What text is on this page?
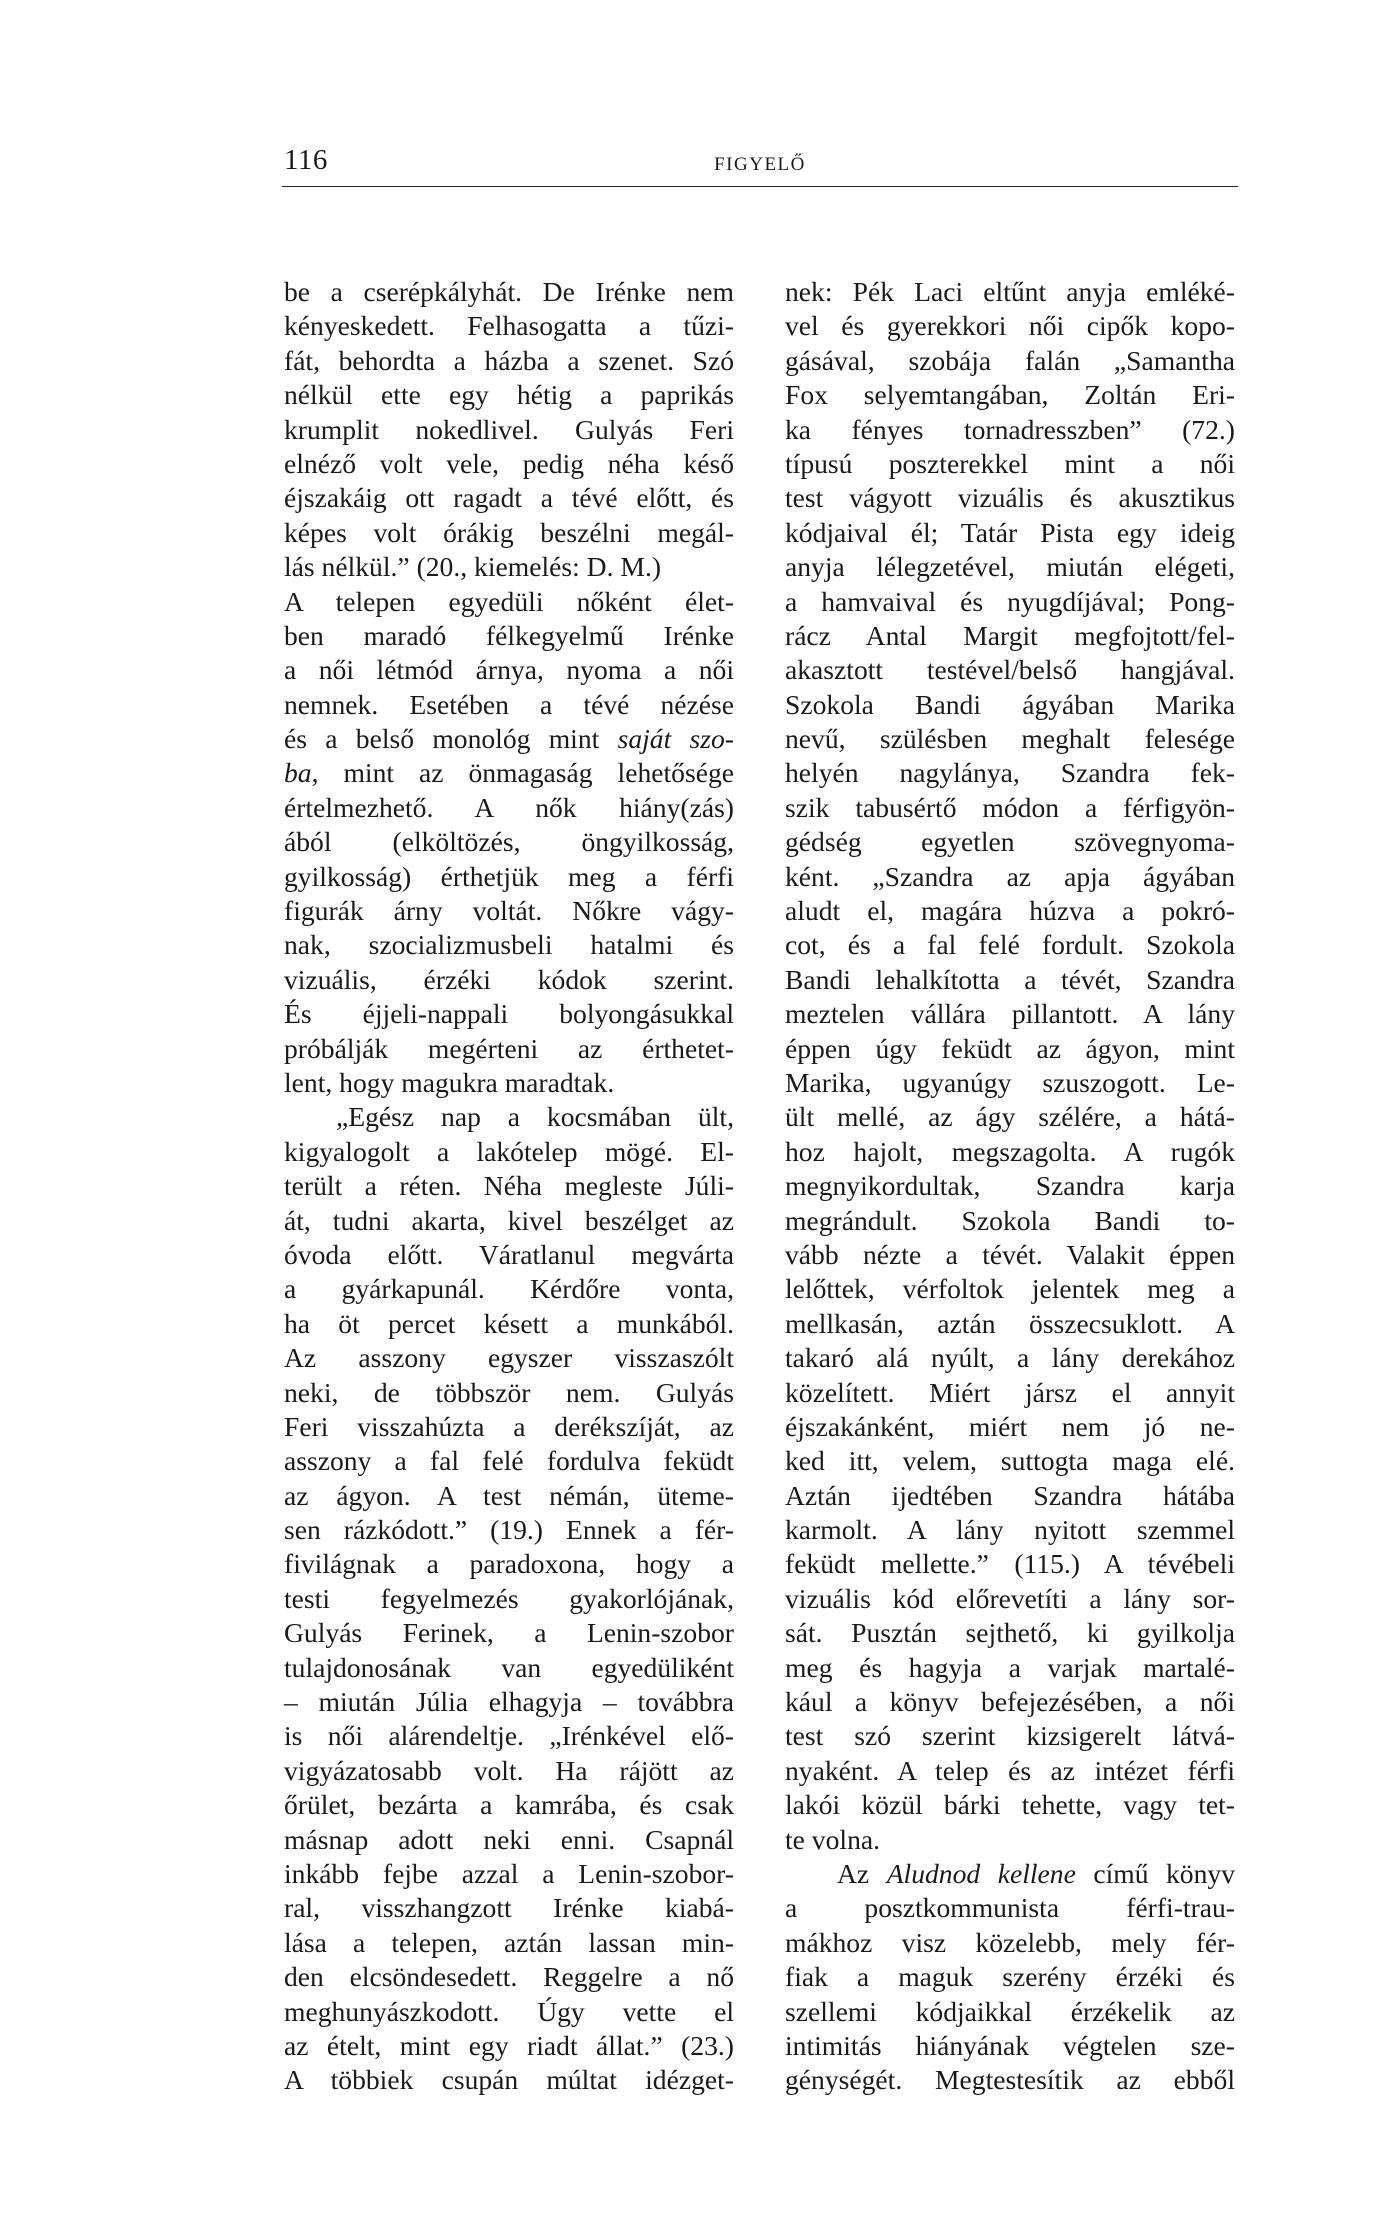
116	FIGYELŐ
be a cserépkályhát. De Irénke nem
kényeskedett. Felhasogatta a tűzi-
fát, behordta a házba a szenet. Szó
nélkül ette egy hétig a paprikás
krumplit nokedlivel. Gulyás Feri
elnéző volt vele, pedig néha késő
éjszakáig ott ragadt a tévé előtt, és
képes volt órákig beszélni megál-
lás nélkül.” (20., kiemelés: D. M.)
A telepen egyedüli nőként élet-
ben maradó félkegyelmű Irénke
a női létmód árnya, nyoma a női
nemnek. Esetében a tévé nézése
és a belső monológ mint saját szo-
ba, mint az önmagaság lehetősége
értelmezhető. A nők hiány(zás)
ából (elköltözés, öngyilkosság,
gyilkosság) érthetjük meg a férfi
figurák árny voltát. Nőkre vágy-
nak, szocializmusbeli hatalmi és
vizuális, érzéki kódok szerint.
És éjjeli-nappali bolyongásukkal
próbálják megérteni az érthetet-
lent, hogy magukra maradtak.
„Egész nap a kocsmában ült,
kigyalogolt a lakótelep mögé. El-
terült a réten. Néha megleste Júli-
át, tudni akarta, kivel beszélget az
óvoda előtt. Váratlanul megvárta
a gyárkapunál. Kérdőre vonta,
ha öt percet késett a munkából.
Az asszony egyszer visszaszólt
neki, de többször nem. Gulyás
Feri visszahúzta a derékszíját, az
asszony a fal felé fordulva feküdt
az ágyon. A test némán, üteme-
sen rázkódott.” (19.) Ennek a fér-
fivilágnak a paradoxona, hogy a
testi fegyelmezés gyakorlójának,
Gulyás Ferinek, a Lenin-szobor
tulajdonosának van egyedüliként
– miután Júlia elhagyja – továbbra
is női alárendeltje. „Irénkével elő-
vigyázatosabb volt. Ha rájött az
őrület, bezárta a kamrába, és csak
másnap adott neki enni. Csapnál
inkább fejbe azzal a Lenin-szobor-
ral, visszhangzott Irénke kiabá-
lása a telepen, aztán lassan min-
den elcsöndesedett. Reggelre a nő
meghunyászkodott. Úgy vette el
az ételt, mint egy riadt állat.” (23.)
A többiek csupán múltat idézget-
nek: Pék Laci eltűnt anyja emléké-
vel és gyerekkori női cipők kopo-
gásával, szobája falán „Samantha
Fox selyemtangában, Zoltán Eri-
ka fényes tornadresszben” (72.)
típusú poszterekkel mint a női
test vágyott vizuális és akusztikus
kódjaival él; Tatár Pista egy ideig
anyja lélegzetével, miután elégeti,
a hamvaival és nyugdíjával; Pong-
rácz Antal Margit megfojtott/fel-
akasztott testével/belső hangjával.
Szokola Bandi ágyában Marika
nevű, szülésben meghalt felesége
helyén nagylánya, Szandra fek-
szik tabusértő módon a férfigyön-
gédség egyetlen szövegnyoma-
ként. „Szandra az apja ágyában
aludt el, magára húzva a pokró-
cot, és a fal felé fordult. Szokola
Bandi lehalkította a tévét, Szandra
meztelen vállára pillantott. A lány
éppen úgy feküdt az ágyon, mint
Marika, ugyanúgy szuszogott. Le-
ült mellé, az ágy szélére, a hátá-
hoz hajolt, megszagolta. A rugók
megnyikordultak, Szandra karja
megrándult. Szokola Bandi to-
vább nézte a tévét. Valakit éppen
lelőttek, vérfoltok jelentek meg a
mellkasán, aztán összecsuklott. A
takaró alá nyúlt, a lány derekához
közelített. Miért jársz el annyit
éjszakánként, miért nem jó ne-
ked itt, velem, suttogta maga elé.
Aztán ijedtében Szandra hátába
karmolt. A lány nyitott szemmel
feküdt mellette.” (115.) A tévébeli
vizuális kód előrevetíti a lány sor-
sát. Pusztán sejthető, ki gyilkolja
meg és hagyja a varjak martalé-
kául a könyv befejezésében, a női
test szó szerint kizsigerelt látvá-
nyaként. A telep és az intézet férfi
lakói közül bárki tehette, vagy tet-
te volna.
Az Aludnod kellene című könyv
a posztkommunista férfi-trau-
mákhoz visz közelebb, mely fér-
fiak a maguk szerény érzéki és
szellemi kódjaikkal érzékelik az
intimitás hiányának végtelen sze-
génységét. Megtestesítik az ebből
